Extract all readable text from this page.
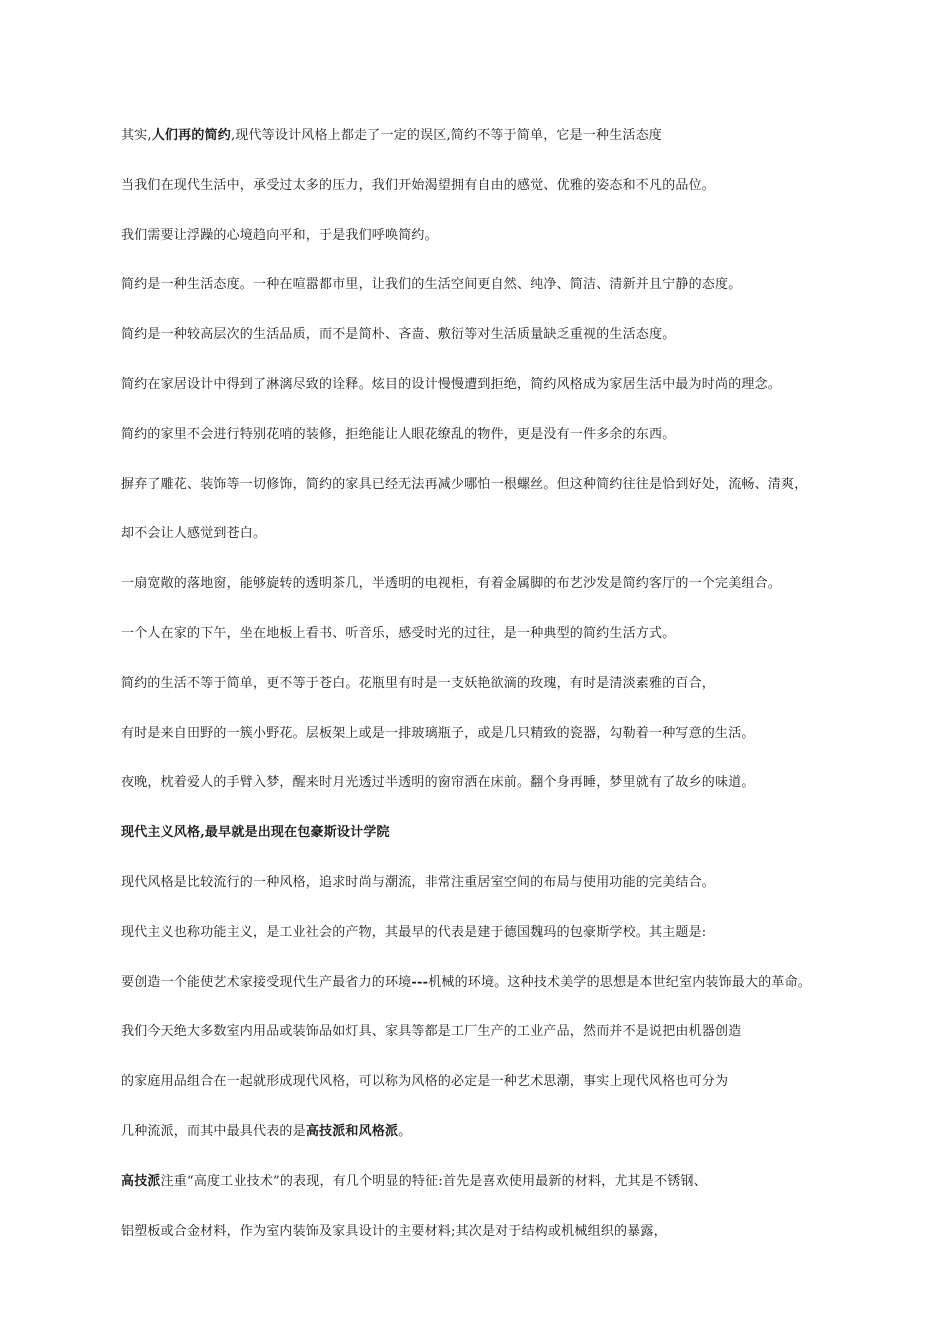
其实,人们再的简约,现代等设计风格上都走了一定的误区,简约不等于简单，它是一种生活态度
当我们在现代生活中，承受过太多的压力，我们开始渴望拥有自由的感觉、优雅的姿态和不凡的品位。
我们需要让浮躁的心境趋向平和，于是我们呼唤简约。
简约是一种生活态度。一种在喧嚣都市里，让我们的生活空间更自然、纯净、简洁、清新并且宁静的态度。
简约是一种较高层次的生活品质，而不是简朴、吝啬、敷衍等对生活质量缺乏重视的生活态度。
简约在家居设计中得到了淋漓尽致的诠释。炫目的设计慢慢遭到拒绝，简约风格成为家居生活中最为时尚的理念。
简约的家里不会进行特别花哨的装修，拒绝能让人眼花缭乱的物件，更是没有一件多余的东西。
摒弃了雕花、装饰等一切修饰，简约的家具已经无法再减少哪怕一根螺丝。但这种简约往往是恰到好处，流畅、清爽，
却不会让人感觉到苍白。
一扇宽敞的落地窗，能够旋转的透明茶几，半透明的电视柜，有着金属脚的布艺沙发是简约客厅的一个完美组合。
一个人在家的下午，坐在地板上看书、听音乐，感受时光的过往，是一种典型的简约生活方式。
简约的生活不等于简单，更不等于苍白。花瓶里有时是一支妖艳欲滴的玫瑰，有时是清淡素雅的百合，
有时是来自田野的一簇小野花。层板架上或是一排玻璃瓶子，或是几只精致的瓷器，勾勒着一种写意的生活。
夜晚，枕着爱人的手臂入梦，醒来时月光透过半透明的窗帘洒在床前。翻个身再睡，梦里就有了故乡的味道。
现代主义风格,最早就是出现在包豪斯设计学院
现代风格是比较流行的一种风格，追求时尚与潮流，非常注重居室空间的布局与使用功能的完美结合。
现代主义也称功能主义，是工业社会的产物，其最早的代表是建于德国魏玛的包豪斯学校。其主题是:
要创造一个能使艺术家接受现代生产最省力的环境---机械的环境。这种技术美学的思想是本世纪室内装饰最大的革命。
我们今天绝大多数室内用品或装饰品如灯具、家具等都是工厂生产的工业产品，然而并不是说把由机器创造
的家庭用品组合在一起就形成现代风格，可以称为风格的必定是一种艺术思潮，事实上现代风格也可分为
几种流派，而其中最具代表的是高技派和风格派。
高技派注重“高度工业技术”的表现，有几个明显的特征:首先是喜欢使用最新的材料，尤其是不锈钢、
铝塑板或合金材料，作为室内装饰及家具设计的主要材料;其次是对于结构或机械组织的暴露，
